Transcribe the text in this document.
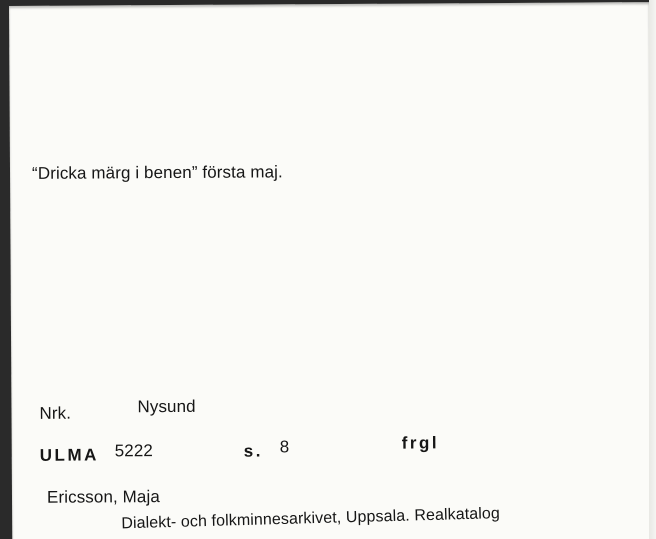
“Dricka märg i benen” första maj.
Nrk.	Nysund
ULMA 5222	s. 8	frgl
Ericsson, Maja
Dialekt- och folkminnesarkivet, Uppsala. Realkatalog
